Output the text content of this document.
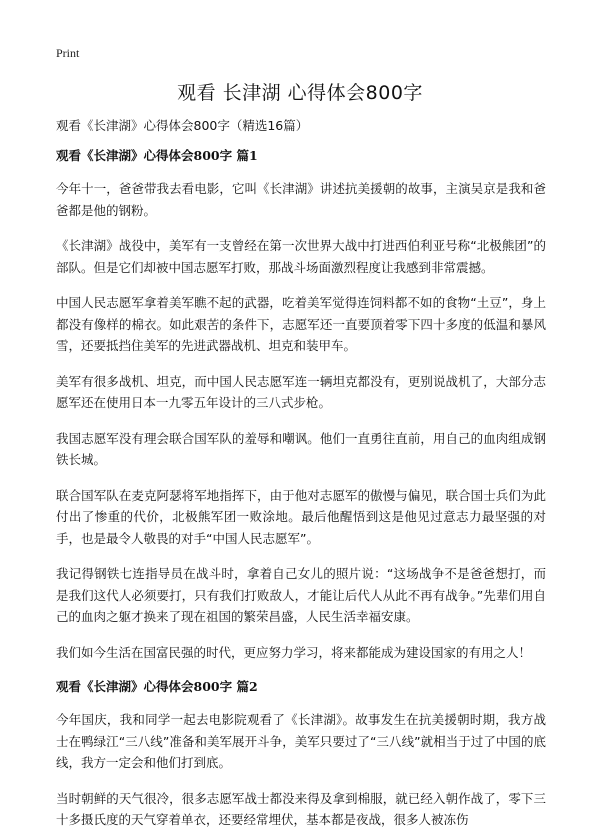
Print
观看 长津湖 心得体会800字
观看《长津湖》心得体会800字（精选16篇）
观看《长津湖》心得体会800字 篇1

今年十一，爸爸带我去看电影，它叫《长津湖》讲述抗美援朝的故事，主演吴京是我和爸爸都是他的钢粉。

《长津湖》战役中，美军有一支曾经在第一次世界大战中打进西伯利亚号称“北极熊团”的部队。但是它们却被中国志愿军打败，那战斗场面激烈程度让我感到非常震撼。

中国人民志愿军拿着美军瞧不起的武器，吃着美军觉得连饲料都不如的食物“土豆”，身上都没有像样的棉衣。如此艰苦的条件下，志愿军还一直要顶着零下四十多度的低温和暴风雪，还要抵挡住美军的先进武器战机、坦克和装甲车。

美军有很多战机、坦克，而中国人民志愿军连一辆坦克都没有，更别说战机了，大部分志愿军还在使用日本一九零五年设计的三八式步枪。

我国志愿军没有理会联合国军队的羞辱和嘲讽。他们一直勇往直前，用自己的血肉组成钢铁长城。

联合国军队在麦克阿瑟将军地指挥下，由于他对志愿军的傲慢与偏见，联合国士兵们为此付出了惨重的代价，北极熊军团一败涂地。最后他醒悟到这是他见过意志力最坚强的对手，也是最令人敬畏的对手“中国人民志愿军”。

我记得钢铁七连指导员在战斗时，拿着自己女儿的照片说：“这场战争不是爸爸想打，而是我们这代人必须要打，只有我们打败敌人，才能让后代人从此不再有战争。”先辈们用自己的血肉之躯才换来了现在祖国的繁荣昌盛，人民生活幸福安康。

我们如今生活在国富民强的时代，更应努力学习，将来都能成为建设国家的有用之人！

观看《长津湖》心得体会800字 篇2

今年国庆，我和同学一起去电影院观看了《长津湖》。故事发生在抗美援朝时期，我方战士在鸭绿江“三八线”准备和美军展开斗争，美军只要过了“三八线”就相当于过了中国的底线，我方一定会和他们打到底。

当时朝鲜的天气很冷，很多志愿军战士都没来得及拿到棉服，就已经入朝作战了，零下三十多摄氏度的天气穿着单衣，还要经常埋伏，基本都是夜战，很多人被冻伤
